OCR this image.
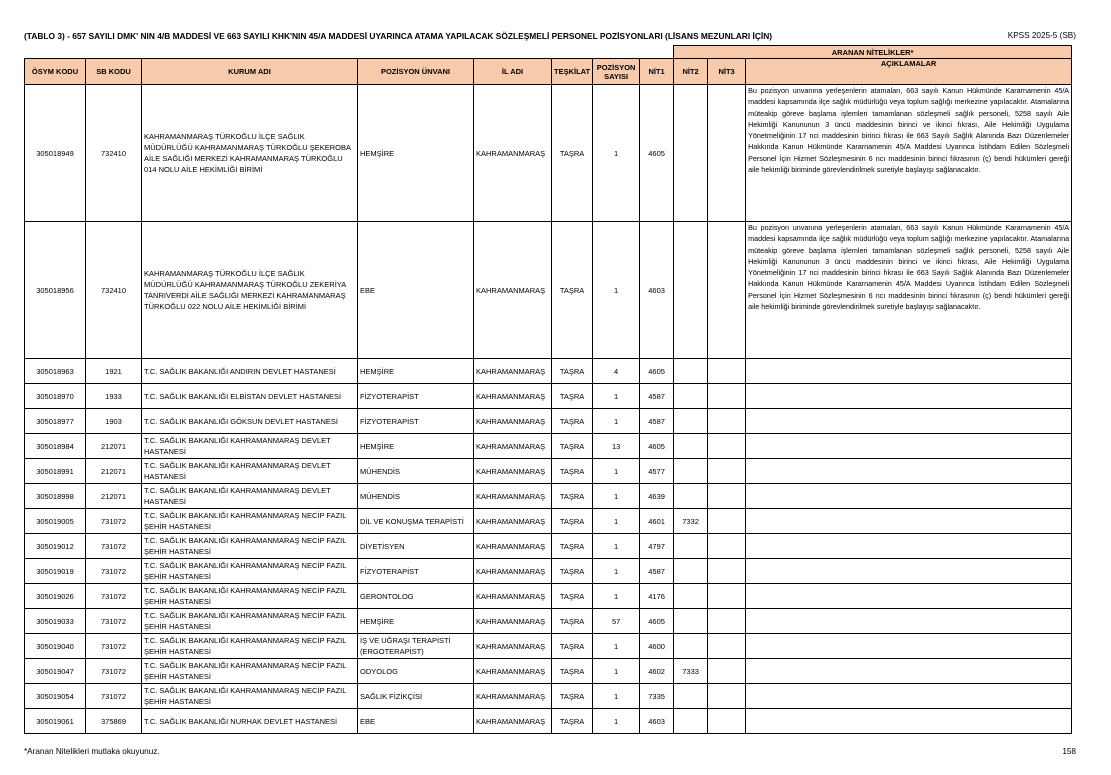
(TABLO 3) - 657 SAYILI DMK' NIN 4/B MADDESİ VE 663 SAYILI KHK'NIN 45/A MADDESİ UYARINCA ATAMA YAPILACAK SÖZLEŞMELİ PERSONEL POZİSYONLARI (LİSANS MEZUNLARI İÇİN)	KPSS 2025-5 (SB)
								ARANAN NİTELİKLER*		
ÖSYM KODU	SB KODU	KURUM ADI	POZİSYON ÜNVANI	İL ADI	TEŞKİLAT	POZİSYON SAYISI	NİT1	NİT2	NİT3	AÇIKLAMALAR
305018949	732410	KAHRAMANMARAŞ TÜRKOĞLU İLÇE SAĞLIK MÜDÜRLÜĞÜ KAHRAMANMARAŞ TÜRKOĞLU ŞEKEROBA AİLE SAĞLIĞI MERKEZİ KAHRAMANMARAŞ TÜRKOĞLU 014 NOLU AİLE HEKİMLİĞİ BİRİMİ	HEMŞİRE	KAHRAMANMARAŞ	TAŞRA	1	4605			Bu pozisyon unvanına yerleşenlerin atamaları, 663 sayılı Kanun Hükmünde Kararnamenin 45/A maddesi kapsamında ilçe sağlık müdürlüğü veya toplum sağlığı merkezine yapılacaktır. Atamalarına müteakip göreve başlama işlemleri tamamlanan sözleşmeli sağlık personeli, 5258 sayılı Aile Hekimliği Kanununun 3 üncü maddesinin birinci ve ikinci fıkrası, Aile Hekimliği Uygulama Yönetmeliğinin 17 nci maddesinin birinci fıkrası ile 663 Sayılı Sağlık Alanında Bazı Düzenlemeler Hakkında Kanun Hükmünde Kararnamenin 45/A Maddesi Uyarınca İstihdam Edilen Sözleşmeli Personel İçin Hizmet Sözleşmesinin 6 ncı maddesinin birinci fıkrasının (ç) bendi hükümleri gereği aile hekimliği biriminde görevlendirilmek suretiyle başlayışı sağlanacaktır.
305018956	732410	KAHRAMANMARAŞ TÜRKOĞLU İLÇE SAĞLIK MÜDÜRLÜĞÜ KAHRAMANMARAŞ TÜRKOĞLU ZEKERİYA TANRIVERDİ AİLE SAĞLIĞI MERKEZİ KAHRAMANMARAŞ TÜRKOĞLU 022 NOLU AİLE HEKİMLİĞİ BİRİMİ	EBE	KAHRAMANMARAŞ	TAŞRA	1	4603			Bu pozisyon unvanına yerleşenlerin atamaları, 663 sayılı Kanun Hükmünde Kararnamenin 45/A maddesi kapsamında ilçe sağlık müdürlüğü veya toplum sağlığı merkezine yapılacaktır. Atamalarına müteakip göreve başlama işlemleri tamamlanan sözleşmeli sağlık personeli, 5258 sayılı Aile Hekimliği Kanununun 3 üncü maddesinin birinci ve ikinci fıkrası, Aile Hekimliği Uygulama Yönetmeliğinin 17 nci maddesinin birinci fıkrası ile 663 Sayılı Sağlık Alanında Bazı Düzenlemeler Hakkında Kanun Hükmünde Kararnamenin 45/A Maddesi Uyarınca İstihdam Edilen Sözleşmeli Personel İçin Hizmet Sözleşmesinin 6 ncı maddesinin birinci fıkrasının (ç) bendi hükümleri gereği aile hekimliği biriminde görevlendirilmek suretiyle başlayışı sağlanacaktır.
305018963	1921	T.C. SAĞLIK BAKANLIĞI ANDIRIN DEVLET HASTANESİ	HEMŞİRE	KAHRAMANMARAŞ	TAŞRA	4	4605			
305018970	1933	T.C. SAĞLIK BAKANLIĞI ELBİSTAN DEVLET HASTANESİ	FİZYOTERAPİST	KAHRAMANMARAŞ	TAŞRA	1	4587			
305018977	1903	T.C. SAĞLIK BAKANLIĞI GÖKSUN DEVLET HASTANESİ	FİZYOTERAPİST	KAHRAMANMARAŞ	TAŞRA	1	4587			
305018984	212071	T.C. SAĞLIK BAKANLIĞI KAHRAMANMARAŞ DEVLET HASTANESİ	HEMŞİRE	KAHRAMANMARAŞ	TAŞRA	13	4605			
305018991	212071	T.C. SAĞLIK BAKANLIĞI KAHRAMANMARAŞ DEVLET HASTANESİ	MÜHENDİS	KAHRAMANMARAŞ	TAŞRA	1	4577			
305018998	212071	T.C. SAĞLIK BAKANLIĞI KAHRAMANMARAŞ DEVLET HASTANESİ	MÜHENDİS	KAHRAMANMARAŞ	TAŞRA	1	4639			
305019005	731072	T.C. SAĞLIK BAKANLIĞI KAHRAMANMARAŞ NECİP FAZIL ŞEHİR HASTANESİ	DİL VE KONUŞMA TERAPİSTİ	KAHRAMANMARAŞ	TAŞRA	1	4601	7332		
305019012	731072	T.C. SAĞLIK BAKANLIĞI KAHRAMANMARAŞ NECİP FAZIL ŞEHİR HASTANESİ	DİYETİSYEN	KAHRAMANMARAŞ	TAŞRA	1	4797			
305019019	731072	T.C. SAĞLIK BAKANLIĞI KAHRAMANMARAŞ NECİP FAZIL ŞEHİR HASTANESİ	FİZYOTERAPİST	KAHRAMANMARAŞ	TAŞRA	1	4587			
305019026	731072	T.C. SAĞLIK BAKANLIĞI KAHRAMANMARAŞ NECİP FAZIL ŞEHİR HASTANESİ	GERONTOLOG	KAHRAMANMARAŞ	TAŞRA	1	4176			
305019033	731072	T.C. SAĞLIK BAKANLIĞI KAHRAMANMARAŞ NECİP FAZIL ŞEHİR HASTANESİ	HEMŞİRE	KAHRAMANMARAŞ	TAŞRA	57	4605			
305019040	731072	T.C. SAĞLIK BAKANLIĞI KAHRAMANMARAŞ NECİP FAZIL ŞEHİR HASTANESİ	İŞ VE UĞRAŞI TERAPİSTİ (ERGOTERAPİST)	KAHRAMANMARAŞ	TAŞRA	1	4600			
305019047	731072	T.C. SAĞLIK BAKANLIĞI KAHRAMANMARAŞ NECİP FAZIL ŞEHİR HASTANESİ	ODYOLOG	KAHRAMANMARAŞ	TAŞRA	1	4602	7333		
305019054	731072	T.C. SAĞLIK BAKANLIĞI KAHRAMANMARAŞ NECİP FAZIL ŞEHİR HASTANESİ	SAĞLIK FİZİKÇİSİ	KAHRAMANMARAŞ	TAŞRA	1	7335			
305019061	375869	T.C. SAĞLIK BAKANLIĞI NURHAK DEVLET HASTANESİ	EBE	KAHRAMANMARAŞ	TAŞRA	1	4603			
*Aranan Nitelikleri mutlaka okuyunuz.	158
